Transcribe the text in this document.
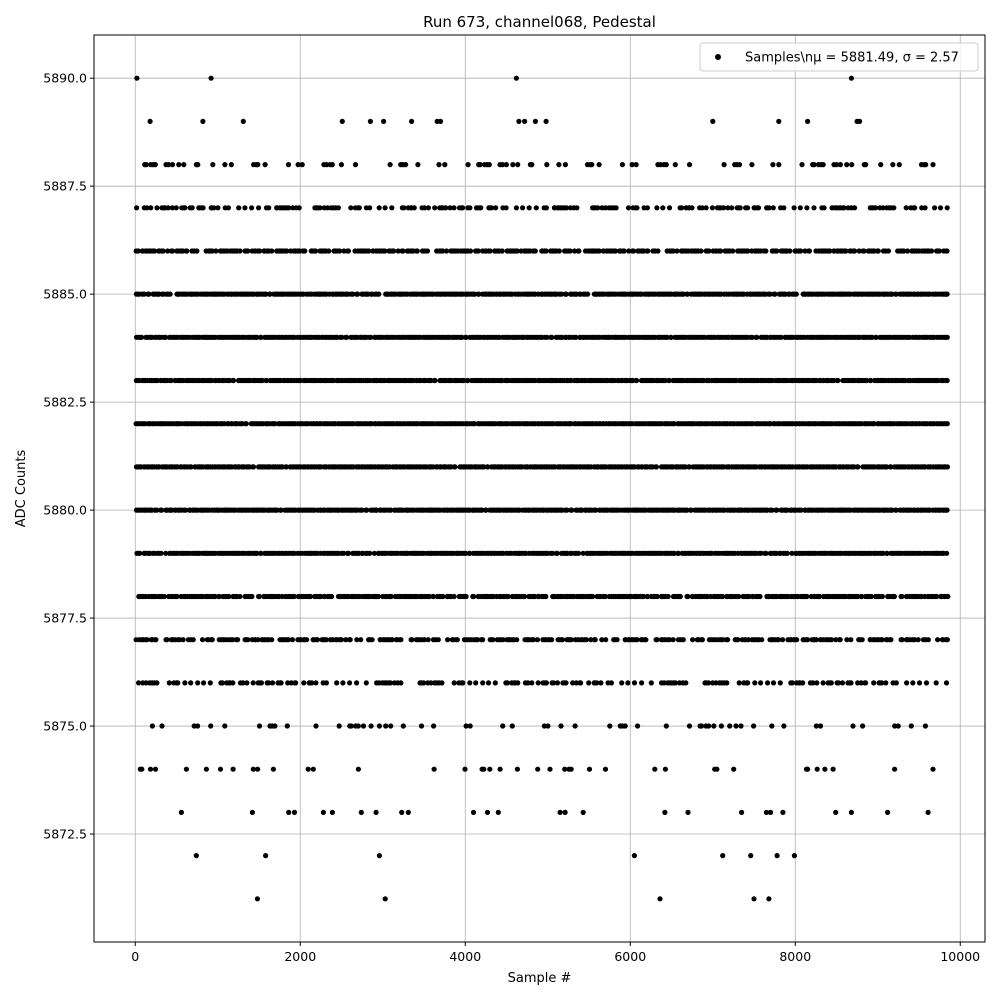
0	2000	4000	6000	8000	10000
5872.5
5875.0
5877.5
5880.0
5882.5
5885.0
5887.5
5890.0
Run 673, channel068, Pedestal
Sample #
ADC Counts
Samples\nμ = 5881.49, σ = 2.57
